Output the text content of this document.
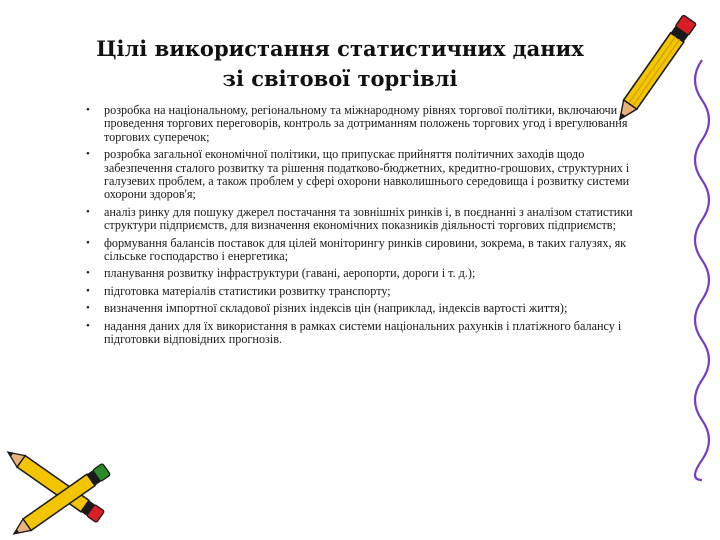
Цілі використання статистичних даних
зі світової торгівлі
• розробка на національному, регіональному та міжнародному рівнях торгової політики, включаючи проведення торгових переговорів, контроль за дотриманням положень торгових угод і врегулювання торгових суперечок;
• розробка загальної економічної політики, що припускає прийняття політичних заходів щодо забезпечення сталого розвитку та рішення податково-бюджетних, кредитно-грошових, структурних і галузевих проблем, а також проблем у сфері охорони навколишнього середовища і розвитку системи охорони здоров'я;
• аналіз ринку для пошуку джерел постачання та зовнішніх ринків і, в поєднанні з аналізом статистики структури підприємств, для визначення економічних показників діяльності торгових підприємств;
• формування балансів поставок для цілей моніторингу ринків сировини, зокрема, в таких галузях, як сільське господарство і енергетика;
• планування розвитку інфраструктури (гавані, аеропорти, дороги і т. д.);
• підготовка матеріалів статистики розвитку транспорту;
• визначення імпортної складової різних індексів цін (наприклад, індексів вартості життя);
• надання даних для їх використання в рамках системи національних рахунків і платіжного балансу і підготовки відповідних прогнозів.
